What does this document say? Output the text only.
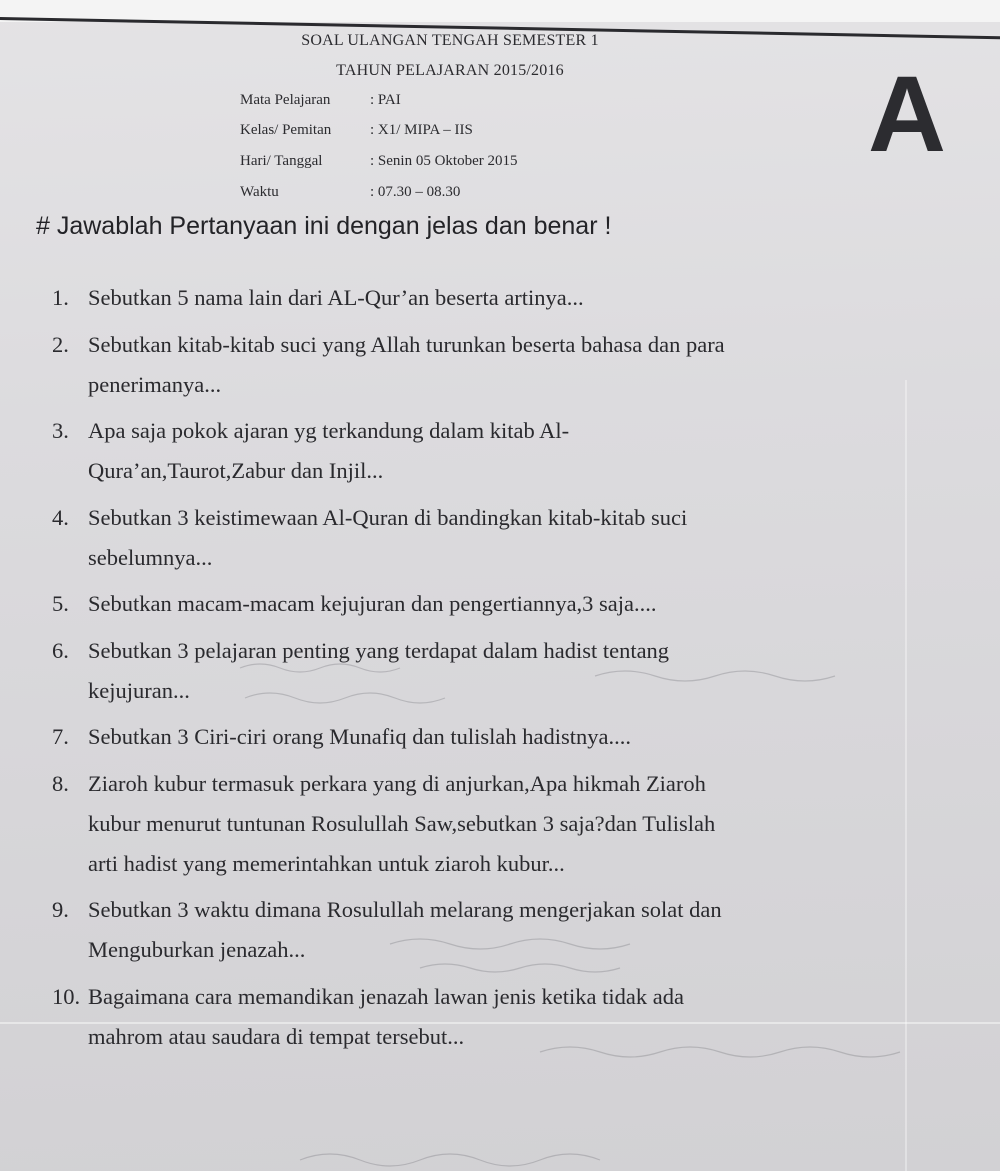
SOAL ULANGAN TENGAH SEMESTER 1
TAHUN PELAJARAN 2015/2016
Mata Pelajaran	: PAI
Kelas/ Pemitan	: X1/ MIPA – IIS
Hari/ Tanggal	: Senin 05 Oktober 2015
Waktu	: 07.30 – 08.30
A
# Jawablah Pertanyaan ini dengan jelas dan benar !
1. Sebutkan 5 nama lain dari AL-Qur’an beserta artinya...
2. Sebutkan kitab-kitab suci yang Allah turunkan beserta bahasa dan para
penerimanya...
3. Apa saja pokok ajaran yg terkandung dalam kitab Al-
Qura’an,Taurot,Zabur dan Injil...
4. Sebutkan 3 keistimewaan Al-Quran di bandingkan kitab-kitab suci
sebelumnya...
5. Sebutkan macam-macam kejujuran dan pengertiannya,3 saja....
6. Sebutkan 3 pelajaran penting yang terdapat dalam hadist tentang
kejujuran...
7. Sebutkan 3 Ciri-ciri orang Munafiq dan tulislah hadistnya....
8. Ziaroh kubur termasuk perkara yang di anjurkan,Apa hikmah Ziaroh
kubur menurut tuntunan Rosulullah Saw,sebutkan 3 saja?dan Tulislah
arti hadist yang memerintahkan untuk ziaroh kubur...
9. Sebutkan 3 waktu dimana Rosulullah melarang mengerjakan solat dan
Menguburkan jenazah...
10. Bagaimana cara memandikan jenazah lawan jenis ketika tidak ada
mahrom atau saudara di tempat tersebut...
